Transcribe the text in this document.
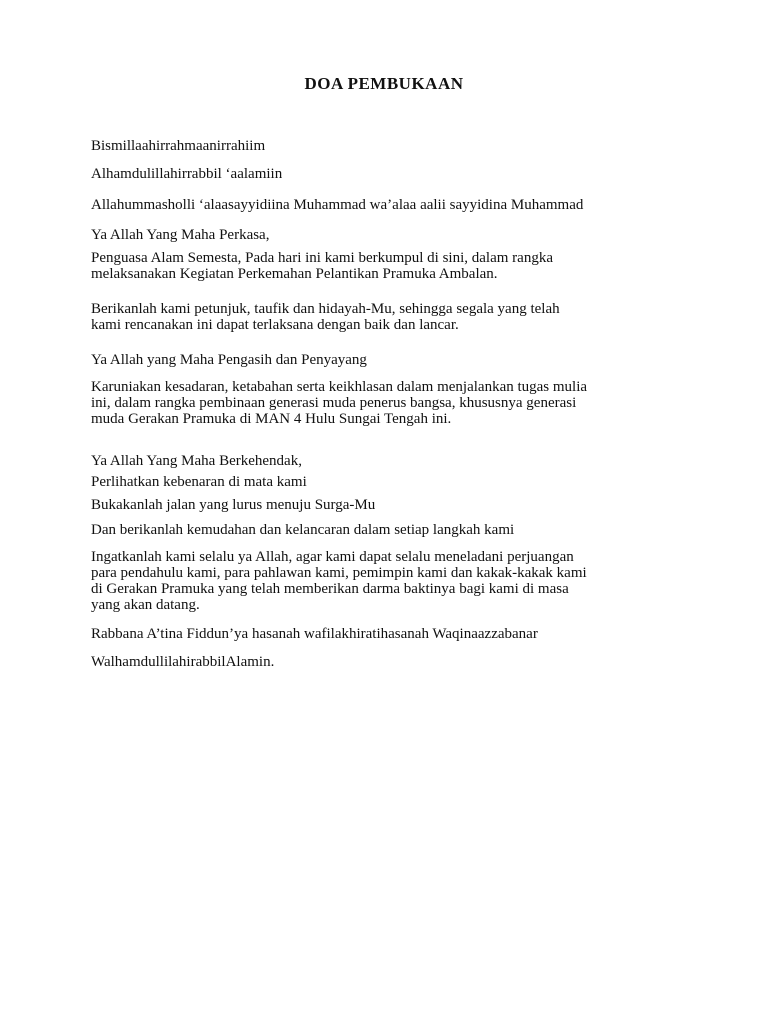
DOA PEMBUKAAN
Bismillaahirrahmaanirrahiim
Alhamdulillahirrabbil ‘aalamiin
Allahummasholli ‘alaasayyidiina Muhammad wa’alaa aalii sayyidina Muhammad
Ya Allah Yang Maha Perkasa,
Penguasa Alam Semesta, Pada hari ini kami berkumpul di sini, dalam rangka
melaksanakan Kegiatan Perkemahan Pelantikan Pramuka Ambalan.
Berikanlah kami petunjuk, taufik dan hidayah-Mu, sehingga segala yang telah
kami rencanakan ini dapat terlaksana dengan baik dan lancar.
Ya Allah yang Maha Pengasih dan Penyayang
Karuniakan kesadaran, ketabahan serta keikhlasan dalam menjalankan tugas mulia
ini, dalam rangka pembinaan generasi muda penerus bangsa, khususnya generasi
muda Gerakan Pramuka di MAN 4 Hulu Sungai Tengah ini.
Ya Allah Yang Maha Berkehendak,
Perlihatkan kebenaran di mata kami
Bukakanlah jalan yang lurus menuju Surga-Mu
Dan berikanlah kemudahan dan kelancaran dalam setiap langkah kami
Ingatkanlah kami selalu ya Allah, agar kami dapat selalu meneladani perjuangan
para pendahulu kami, para pahlawan kami, pemimpin kami dan kakak-kakak kami
di Gerakan Pramuka yang telah memberikan darma baktinya bagi kami di masa
yang akan datang.
Rabbana A’tina Fiddun’ya hasanah wafilakhiratihasanah Waqinaazzabanar
WalhamdullilahirabbilAlamin.
